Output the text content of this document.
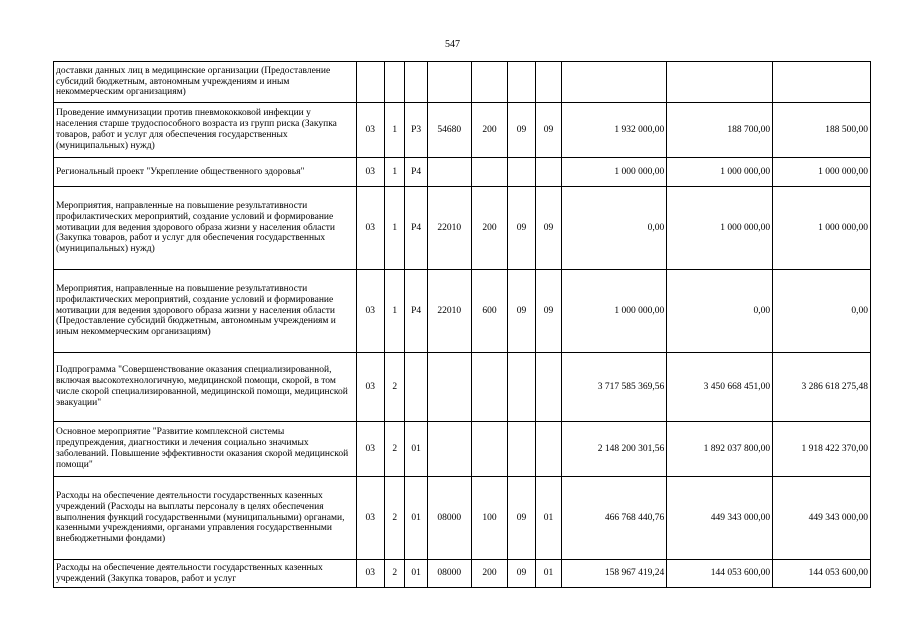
547
доставки данных лиц в медицинские организации (Предоставление субсидий бюджетным, автономным учреждениям и иным некоммерческим организациям)										
Проведение иммунизации против пневмококковой инфекции у населения старше трудоспособного возраста из групп риска (Закупка товаров, работ и услуг для обеспечения государственных (муниципальных) нужд)	03	1	P3	54680	200	09	09	1 932 000,00	188 700,00	188 500,00
Региональный проект "Укрепление общественного здоровья"	03	1	P4					1 000 000,00	1 000 000,00	1 000 000,00
Мероприятия, направленные на повышение результативности профилактических мероприятий, создание условий и формирование мотивации для ведения здорового образа жизни у населения области (Закупка товаров, работ и услуг для обеспечения государственных (муниципальных) нужд)	03	1	P4	22010	200	09	09	0,00	1 000 000,00	1 000 000,00
Мероприятия, направленные на повышение результативности профилактических мероприятий, создание условий и формирование мотивации для ведения здорового образа жизни у населения области (Предоставление субсидий бюджетным, автономным учреждениям и иным некоммерческим организациям)	03	1	P4	22010	600	09	09	1 000 000,00	0,00	0,00
Подпрограмма "Совершенствование оказания специализированной, включая высокотехнологичную, медицинской помощи, скорой, в том числе скорой специализированной, медицинской помощи, медицинской эвакуации"	03	2						3 717 585 369,56	3 450 668 451,00	3 286 618 275,48
Основное мероприятие "Развитие комплексной системы предупреждения, диагностики и лечения социально значимых заболеваний. Повышение эффективности оказания скорой медицинской помощи"	03	2	01					2 148 200 301,56	1 892 037 800,00	1 918 422 370,00
Расходы на обеспечение деятельности государственных казенных учреждений (Расходы на выплаты персоналу в целях обеспечения выполнения функций государственными (муниципальными) органами, казенными учреждениями, органами управления государственными внебюджетными фондами)	03	2	01	08000	100	09	01	466 768 440,76	449 343 000,00	449 343 000,00
Расходы на обеспечение деятельности государственных казенных учреждений (Закупка товаров, работ и услуг	03	2	01	08000	200	09	01	158 967 419,24	144 053 600,00	144 053 600,00
